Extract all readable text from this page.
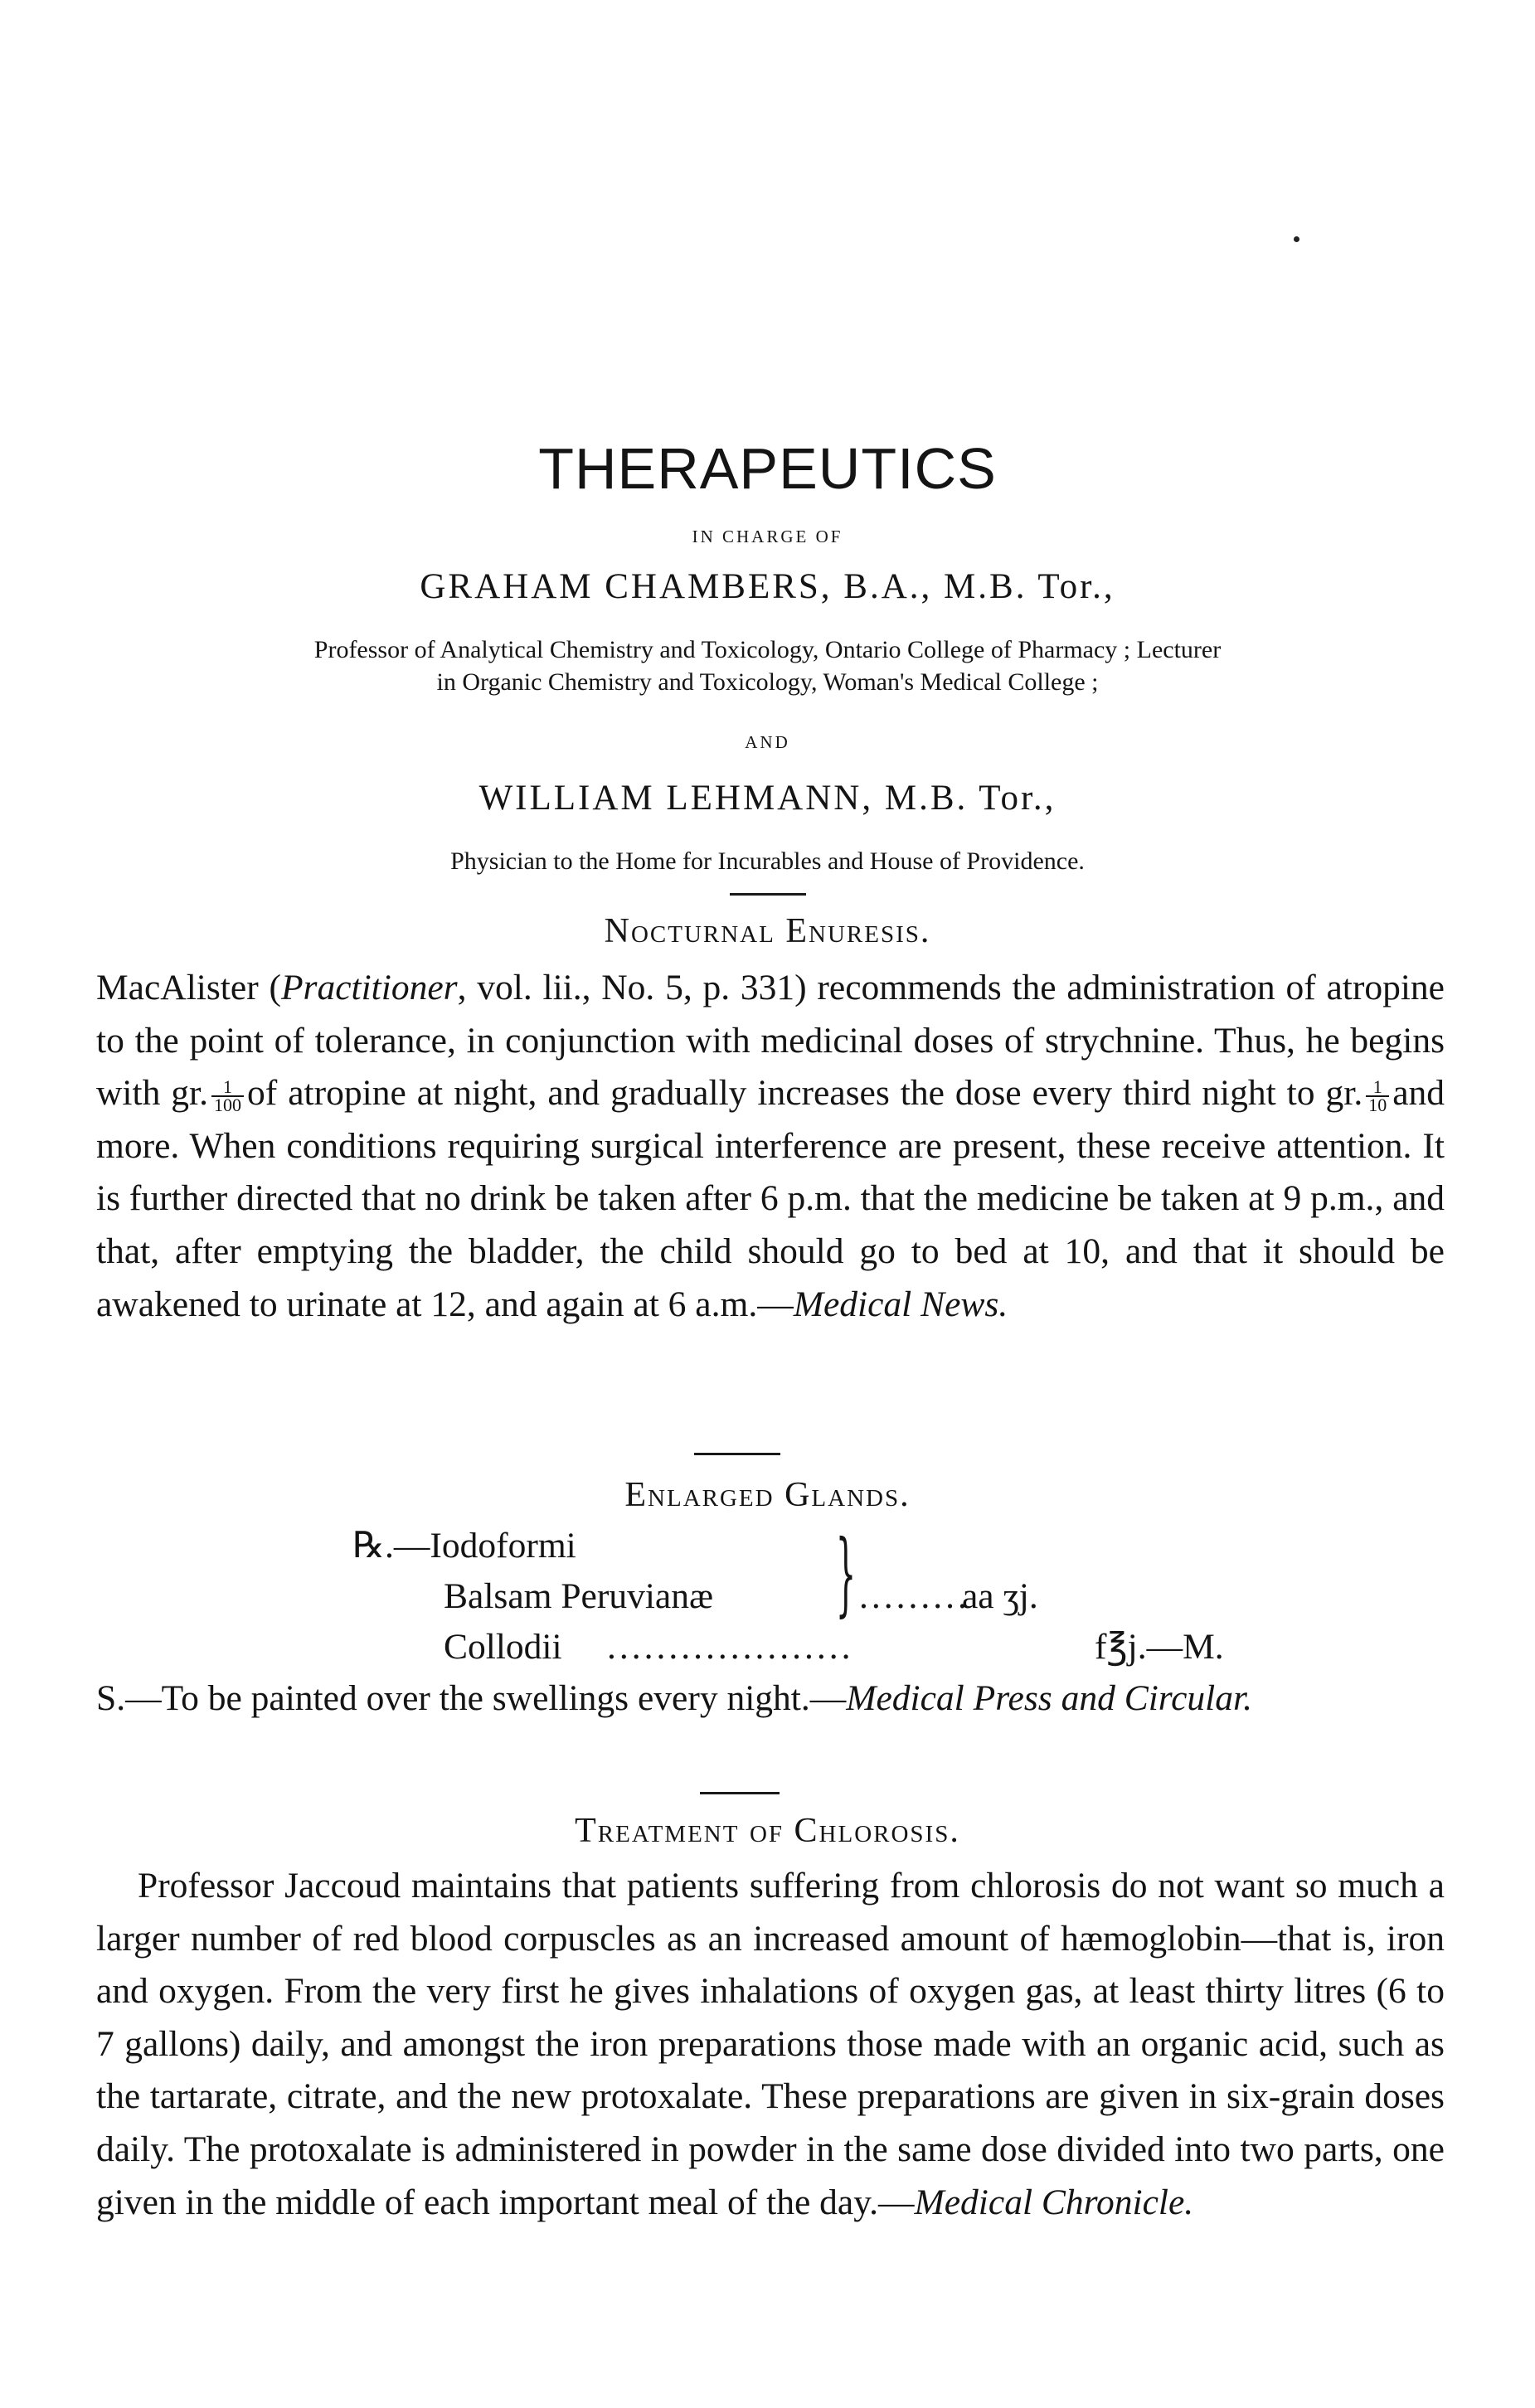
THERAPEUTICS
IN CHARGE OF
GRAHAM CHAMBERS, B.A., M.B. Tor.,
Professor of Analytical Chemistry and Toxicology, Ontario College of Pharmacy ; Lecturer
in Organic Chemistry and Toxicology, Woman's Medical College ;
AND
WILLIAM LEHMANN, M.B. Tor.,
Physician to the Home for Incurables and House of Providence.
Nocturnal Enuresis.

MacAlister (Practitioner, vol. lii., No. 5, p. 331) recommends the administration of atropine to the point of tolerance, in conjunction with medicinal doses of strychnine. Thus, he begins with gr. $\frac{1}{100}$ of atropine at night, and gradually increases the dose every third night to gr. $\frac{1}{10}$ and more. When conditions requiring surgical interference are present, these receive attention. It is further directed that no drink be taken after 6 p.m. that the medicine be taken at 9 p.m., and that, after emptying the bladder, the child should go to bed at 10, and that it should be awakened to urinate at 12, and again at 6 a.m.—Medical News.

Enlarged Glands.
℞.—Iodoformi
Balsam Peruvianæ
Collodii
} .........
aa ʒj.
....................	f℥j.—M.

S.—To be painted over the swellings every night.—Medical Press and Circular.

Treatment of Chlorosis.

Professor Jaccoud maintains that patients suffering from chlorosis do not want so much a larger number of red blood corpuscles as an increased amount of hæmoglobin—that is, iron and oxygen. From the very first he gives inhalations of oxygen gas, at least thirty litres (6 to 7 gallons) daily, and amongst the iron preparations those made with an organic acid, such as the tartarate, citrate, and the new protoxalate. These preparations are given in six-grain doses daily. The protoxalate is administered in powder in the same dose divided into two parts, one given in the middle of each important meal of the day.—Medical Chronicle.
